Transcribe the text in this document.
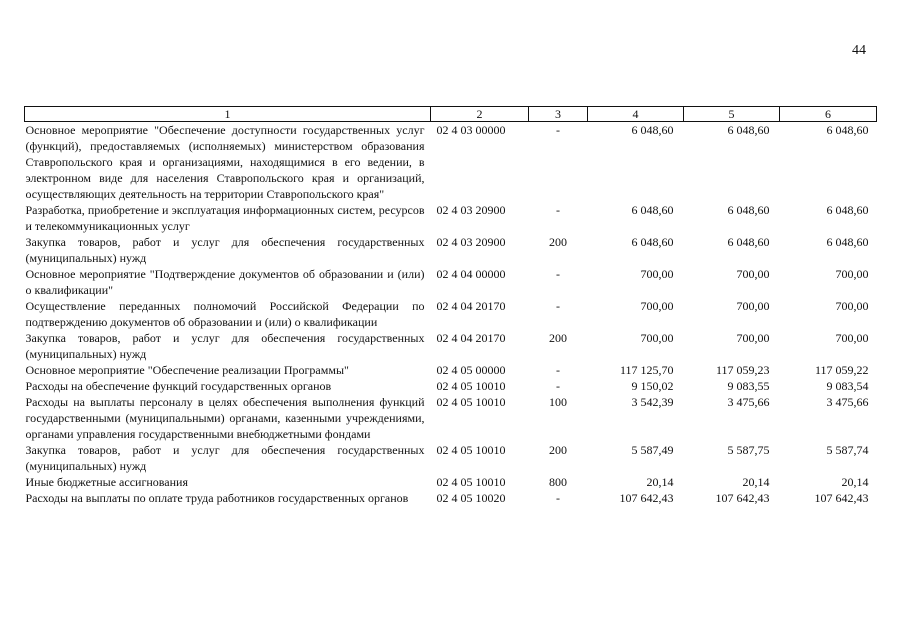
44
1	2	3	4	5	6
Основное мероприятие "Обеспечение доступности государственных услуг (функций), предоставляемых (исполняемых) министерством образования Ставропольского края и организациями, находящимися в его ведении, в электронном виде для населения Ставропольского края и организаций, осуществляющих деятельность на территории Ставропольского края"	02 4 03 00000	-	6 048,60	6 048,60	6 048,60
Разработка, приобретение и эксплуатация информационных систем, ресурсов и телекоммуникационных услуг	02 4 03 20900	-	6 048,60	6 048,60	6 048,60
Закупка товаров, работ и услуг для обеспечения государственных (муниципальных) нужд	02 4 03 20900	200	6 048,60	6 048,60	6 048,60
Основное мероприятие "Подтверждение документов об образовании и (или) о квалификации"	02 4 04 00000	-	700,00	700,00	700,00
Осуществление переданных полномочий Российской Федерации по подтверждению документов об образовании и (или) о квалификации	02 4 04 20170	-	700,00	700,00	700,00
Закупка товаров, работ и услуг для обеспечения государственных (муниципальных) нужд	02 4 04 20170	200	700,00	700,00	700,00
Основное мероприятие "Обеспечение реализации Программы"	02 4 05 00000	-	117 125,70	117 059,23	117 059,22
Расходы на обеспечение функций государственных органов	02 4 05 10010	-	9 150,02	9 083,55	9 083,54
Расходы на выплаты персоналу в целях обеспечения выполнения функций государственными (муниципальными) органами, казенными учреждениями, органами управления государственными внебюджетными фондами	02 4 05 10010	100	3 542,39	3 475,66	3 475,66
Закупка товаров, работ и услуг для обеспечения государственных (муниципальных) нужд	02 4 05 10010	200	5 587,49	5 587,75	5 587,74
Иные бюджетные ассигнования	02 4 05 10010	800	20,14	20,14	20,14
Расходы на выплаты по оплате труда работников государственных органов	02 4 05 10020	-	107 642,43	107 642,43	107 642,43
